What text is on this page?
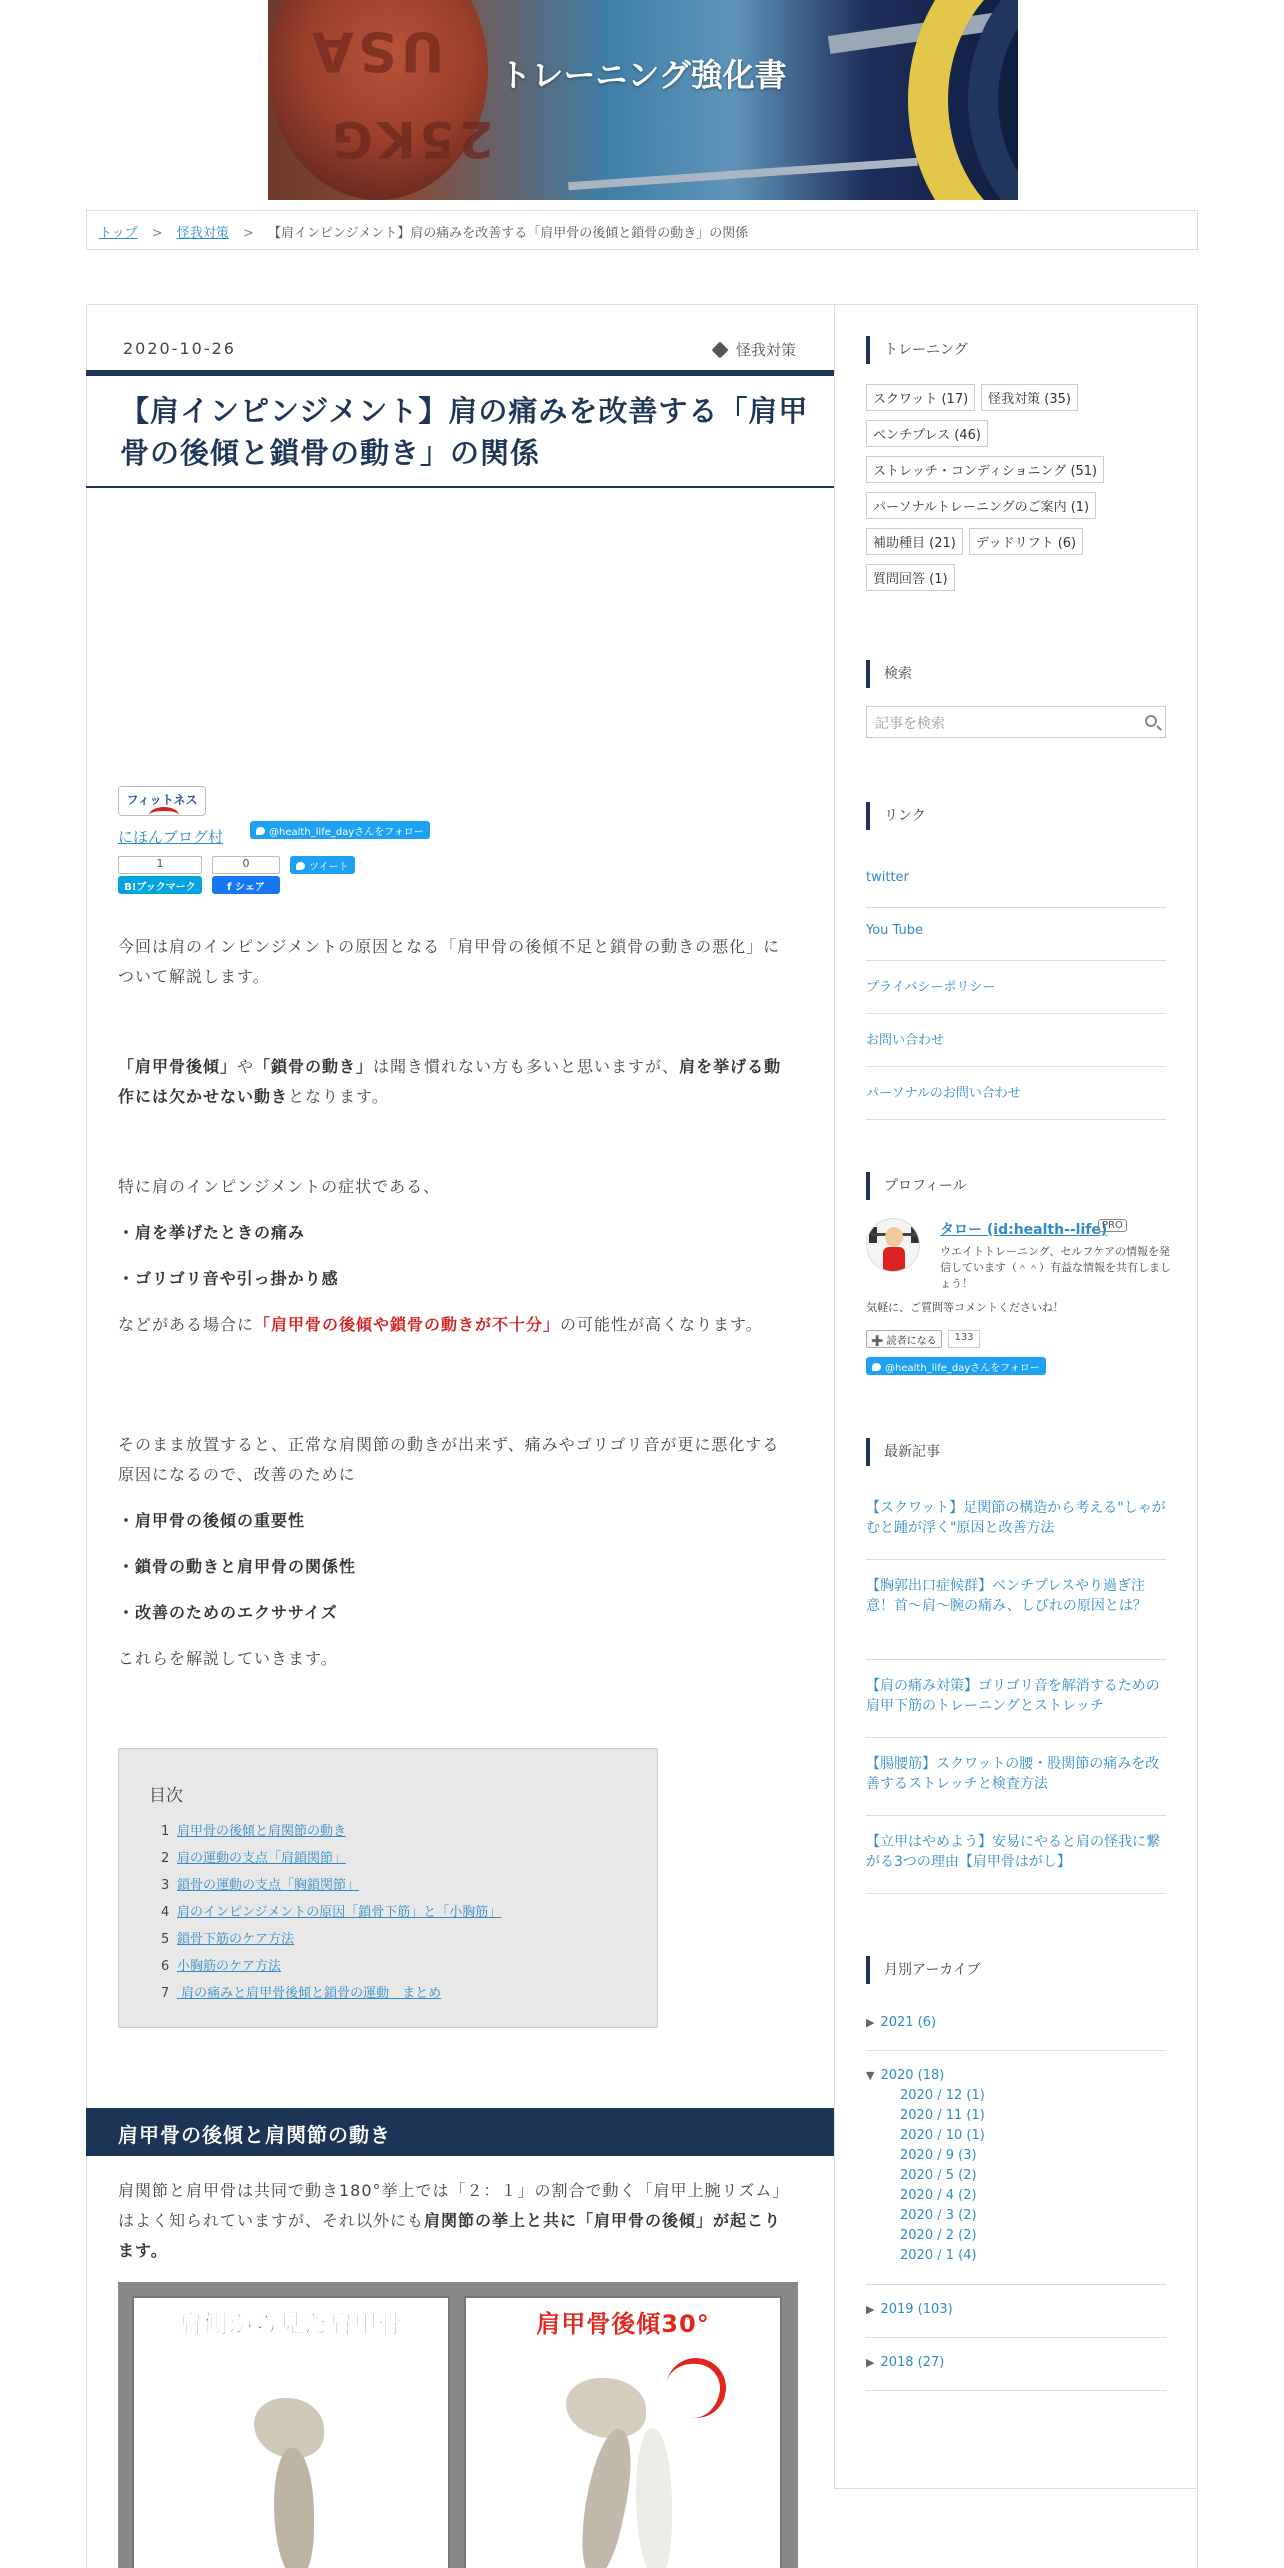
USA
25KG
トレーニング強化書
トップ > 怪我対策 > 【肩インピンジメント】肩の痛みを改善する「肩甲骨の後傾と鎖骨の動き」の関係
2020-10-26	怪我対策
【肩インピンジメント】肩の痛みを改善する「肩甲骨の後傾と鎖骨の動き」の関係
フィットネス
にほんブログ村	@health_life_dayさんをフォロー
1
B!ブックマーク
0
f シェア
ツイート
今回は肩のインピンジメントの原因となる「肩甲骨の後傾不足と鎖骨の動きの悪化」について解説します。
「肩甲骨後傾」や「鎖骨の動き」は聞き慣れない方も多いと思いますが、肩を挙げる動作には欠かせない動きとなります。
特に肩のインピンジメントの症状である、
・肩を挙げたときの痛み
・ゴリゴリ音や引っ掛かり感
などがある場合に「肩甲骨の後傾や鎖骨の動きが不十分」の可能性が高くなります。
そのまま放置すると、正常な肩関節の動きが出来ず、痛みやゴリゴリ音が更に悪化する原因になるので、改善のために
・肩甲骨の後傾の重要性
・鎖骨の動きと肩甲骨の関係性
・改善のためのエクササイズ
これらを解説していきます。
目次
1 肩甲骨の後傾と肩関節の動き
2 肩の運動の支点「肩鎖関節」
3 鎖骨の運動の支点「胸鎖関節」
4 肩のインピンジメントの原因「鎖骨下筋」と「小胸筋」
5 鎖骨下筋のケア方法
6 小胸筋のケア方法
7 肩の痛みと肩甲骨後傾と鎖骨の運動　まとめ
肩甲骨の後傾と肩関節の動き
肩関節と肩甲骨は共同で動き180°挙上では「２：１」の割合で動く「肩甲上腕リズム」はよく知られていますが、それ以外にも肩関節の挙上と共に「肩甲骨の後傾」が起こります。
肩側から見た肩甲骨	肩甲骨後傾30°
トレーニング
スクワット (17) 怪我対策 (35)
ベンチプレス (46)
ストレッチ・コンディショニング (51)
パーソナルトレーニングのご案内 (1)
補助種目 (21) デッドリフト (6)
質問回答 (1)
検索
記事を検索
リンク
twitter
You Tube
プライバシーポリシー
お問い合わせ
パーソナルのお問い合わせ
プロフィール
タロー (id:health--life)
PRO
ウエイトトレーニング、セルフケアの情報を発信しています（＾＾）有益な情報を共有しましょう！
気軽に、ご質問等コメントくださいね！
➕ 読者になる	133
@health_life_dayさんをフォロー
最新記事
【スクワット】足関節の構造から考える"しゃがむと踵が浮く"原因と改善方法
【胸郭出口症候群】ベンチプレスやり過ぎ注意！首〜肩〜腕の痛み、しびれの原因とは？
【肩の痛み対策】ゴリゴリ音を解消するための肩甲下筋のトレーニングとストレッチ
【腸腰筋】スクワットの腰・股関節の痛みを改善するストレッチと検査方法
【立甲はやめよう】安易にやると肩の怪我に繋がる3つの理由【肩甲骨はがし】
月別アーカイブ
▶ 2021 (6)
▼ 2020 (18)
2020 / 12 (1)
2020 / 11 (1)
2020 / 10 (1)
2020 / 9 (3)
2020 / 5 (2)
2020 / 4 (2)
2020 / 3 (2)
2020 / 2 (2)
2020 / 1 (4)
▶ 2019 (103)
▶ 2018 (27)
